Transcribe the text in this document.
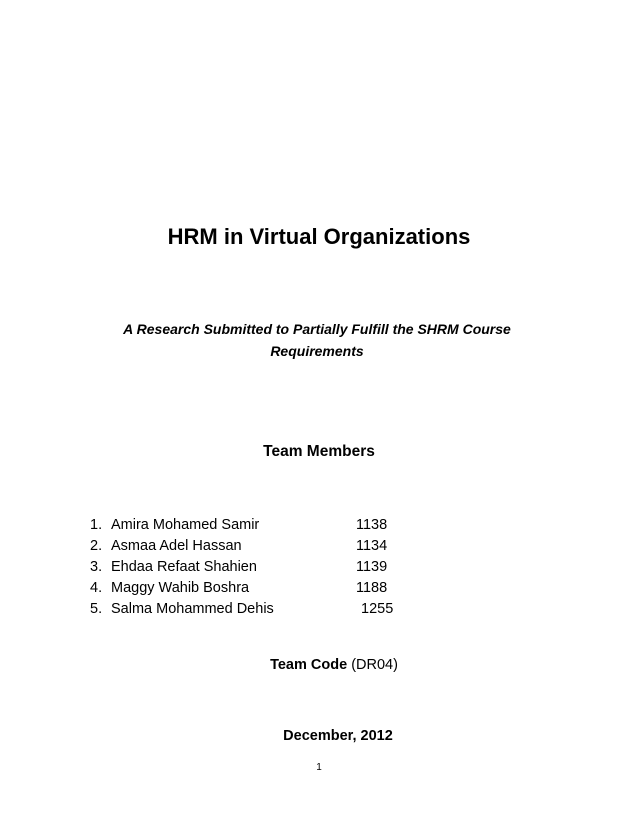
HRM in Virtual Organizations
A Research Submitted to Partially Fulfill the SHRM Course Requirements
Team Members
1. Amira Mohamed Samir	1138
2. Asmaa Adel Hassan	1134
3. Ehdaa Refaat Shahien	1139
4. Maggy Wahib Boshra	1188
5. Salma Mohammed Dehis	1255
Team Code (DR04)
December, 2012
1
